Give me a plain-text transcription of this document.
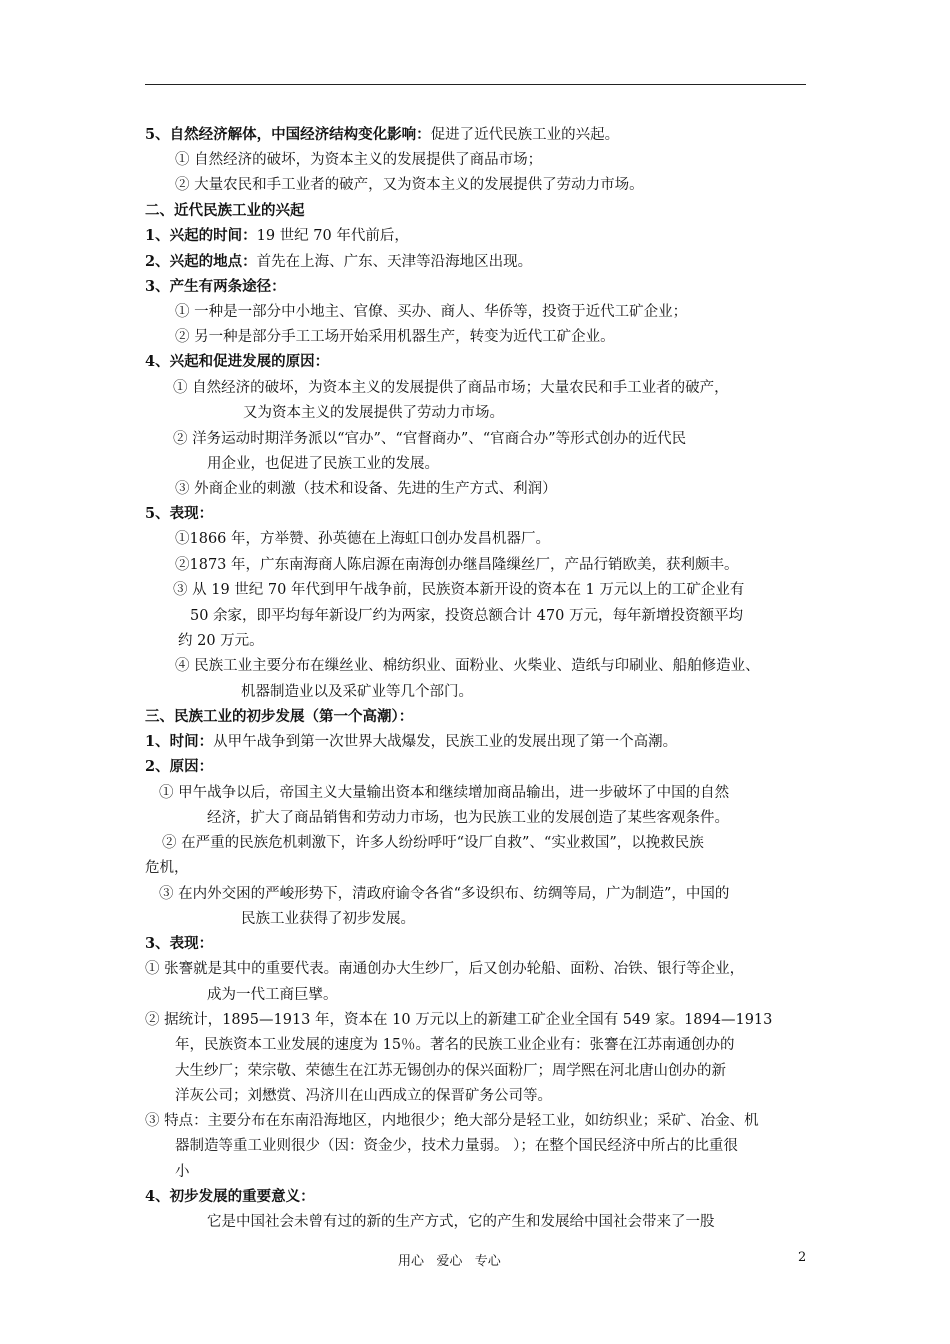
5、自然经济解体，中国经济结构变化影响：促进了近代民族工业的兴起。
① 自然经济的破坏，为资本主义的发展提供了商品市场；
② 大量农民和手工业者的破产，又为资本主义的发展提供了劳动力市场。
二、近代民族工业的兴起
1、兴起的时间：19 世纪 70 年代前后，
2、兴起的地点：首先在上海、广东、天津等沿海地区出现。
3、产生有两条途径：
① 一种是一部分中小地主、官僚、买办、商人、华侨等，投资于近代工矿企业；
② 另一种是部分手工工场开始采用机器生产，转变为近代工矿企业。
4、兴起和促进发展的原因：
① 自然经济的破坏，为资本主义的发展提供了商品市场；大量农民和手工业者的破产，
又为资本主义的发展提供了劳动力市场。
② 洋务运动时期洋务派以“官办”、“官督商办”、“官商合办”等形式创办的近代民
用企业，也促进了民族工业的发展。
③ 外商企业的刺激（技术和设备、先进的生产方式、利润）
5、表现：
①1866 年，方举赞、孙英德在上海虹口创办发昌机器厂。
②1873 年，广东南海商人陈启源在南海创办继昌隆缫丝厂，产品行销欧美，获利颇丰。
③ 从 19 世纪 70 年代到甲午战争前，民族资本新开设的资本在 1 万元以上的工矿企业有
50 余家，即平均每年新设厂约为两家，投资总额合计 470 万元，每年新增投资额平均
约 20 万元。
④ 民族工业主要分布在缫丝业、棉纺织业、面粉业、火柴业、造纸与印刷业、船舶修造业、
机器制造业以及采矿业等几个部门。
三、民族工业的初步发展（第一个高潮）：
1、时间：从甲午战争到第一次世界大战爆发，民族工业的发展出现了第一个高潮。
2、原因：
① 甲午战争以后，帝国主义大量输出资本和继续增加商品输出，进一步破坏了中国的自然
经济，扩大了商品销售和劳动力市场，也为民族工业的发展创造了某些客观条件。
② 在严重的民族危机刺激下，许多人纷纷呼吁“设厂自救”、“实业救国”，以挽救民族
危机，
③ 在内外交困的严峻形势下，清政府谕令各省“多设织布、纺绸等局，广为制造”，中国的
民族工业获得了初步发展。
3、表现：
① 张謇就是其中的重要代表。南通创办大生纱厂，后又创办轮船、面粉、冶铁、银行等企业，
成为一代工商巨擘。
② 据统计，1895—1913 年，资本在 10 万元以上的新建工矿企业全国有 549 家。1894—1913
年，民族资本工业发展的速度为 15％。著名的民族工业企业有：张謇在江苏南通创办的
大生纱厂；荣宗敬、荣德生在江苏无锡创办的保兴面粉厂；周学熙在河北唐山创办的新
洋灰公司；刘懋赏、冯济川在山西成立的保晋矿务公司等。
③ 特点：主要分布在东南沿海地区，内地很少；绝大部分是轻工业，如纺织业；采矿、冶金、机
器制造等重工业则很少（因：资金少，技术力量弱。 ）；在整个国民经济中所占的比重很
小
4、初步发展的重要意义：
它是中国社会未曾有过的新的生产方式，它的产生和发展给中国社会带来了一股
用心   爱心   专心	2
